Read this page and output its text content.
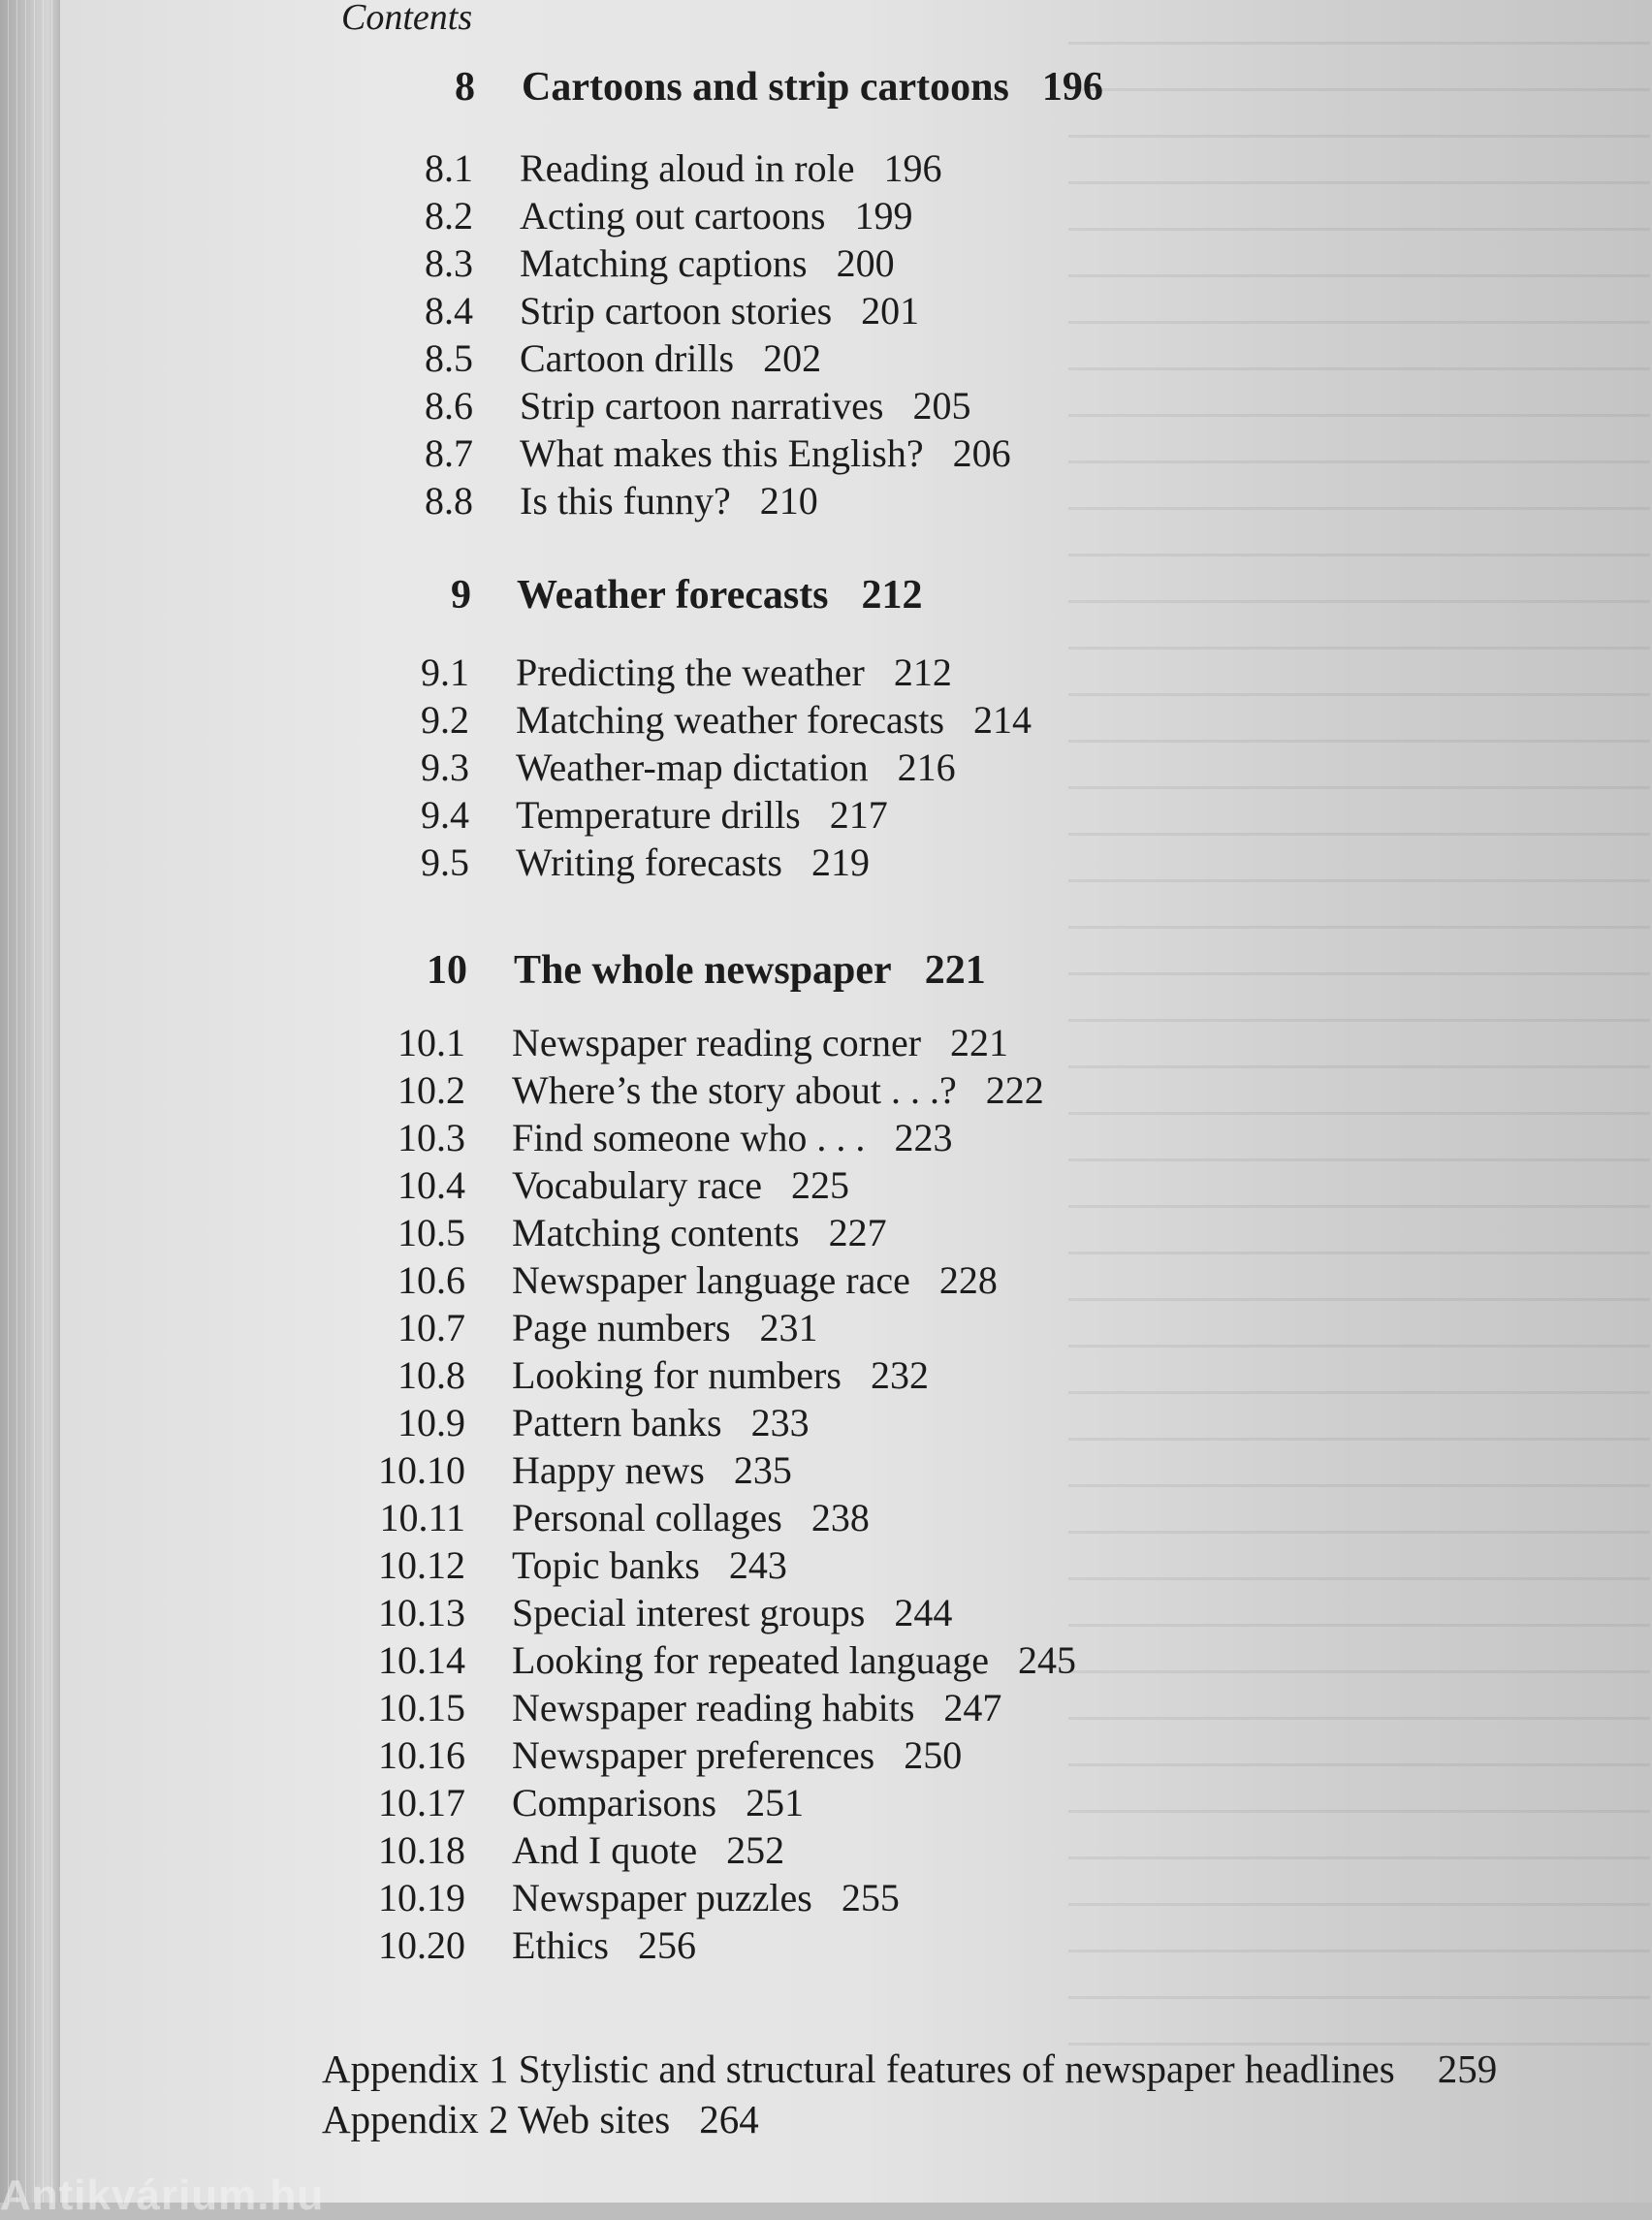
Contents
8 Cartoons and strip cartoons 196
8.1 Reading aloud in role 196
8.2 Acting out cartoons 199
8.3 Matching captions 200
8.4 Strip cartoon stories 201
8.5 Cartoon drills 202
8.6 Strip cartoon narratives 205
8.7 What makes this English? 206
8.8 Is this funny? 210
9 Weather forecasts 212
9.1 Predicting the weather 212
9.2 Matching weather forecasts 214
9.3 Weather-map dictation 216
9.4 Temperature drills 217
9.5 Writing forecasts 219
10 The whole newspaper 221
10.1 Newspaper reading corner 221
10.2 Where’s the story about . . .? 222
10.3 Find someone who . . . 223
10.4 Vocabulary race 225
10.5 Matching contents 227
10.6 Newspaper language race 228
10.7 Page numbers 231
10.8 Looking for numbers 232
10.9 Pattern banks 233
10.10 Happy news 235
10.11 Personal collages 238
10.12 Topic banks 243
10.13 Special interest groups 244
10.14 Looking for repeated language 245
10.15 Newspaper reading habits 247
10.16 Newspaper preferences 250
10.17 Comparisons 251
10.18 And I quote 252
10.19 Newspaper puzzles 255
10.20 Ethics 256
Appendix 1 Stylistic and structural features of newspaper headlines 259
Appendix 2 Web sites 264
Antikvárium.hu
